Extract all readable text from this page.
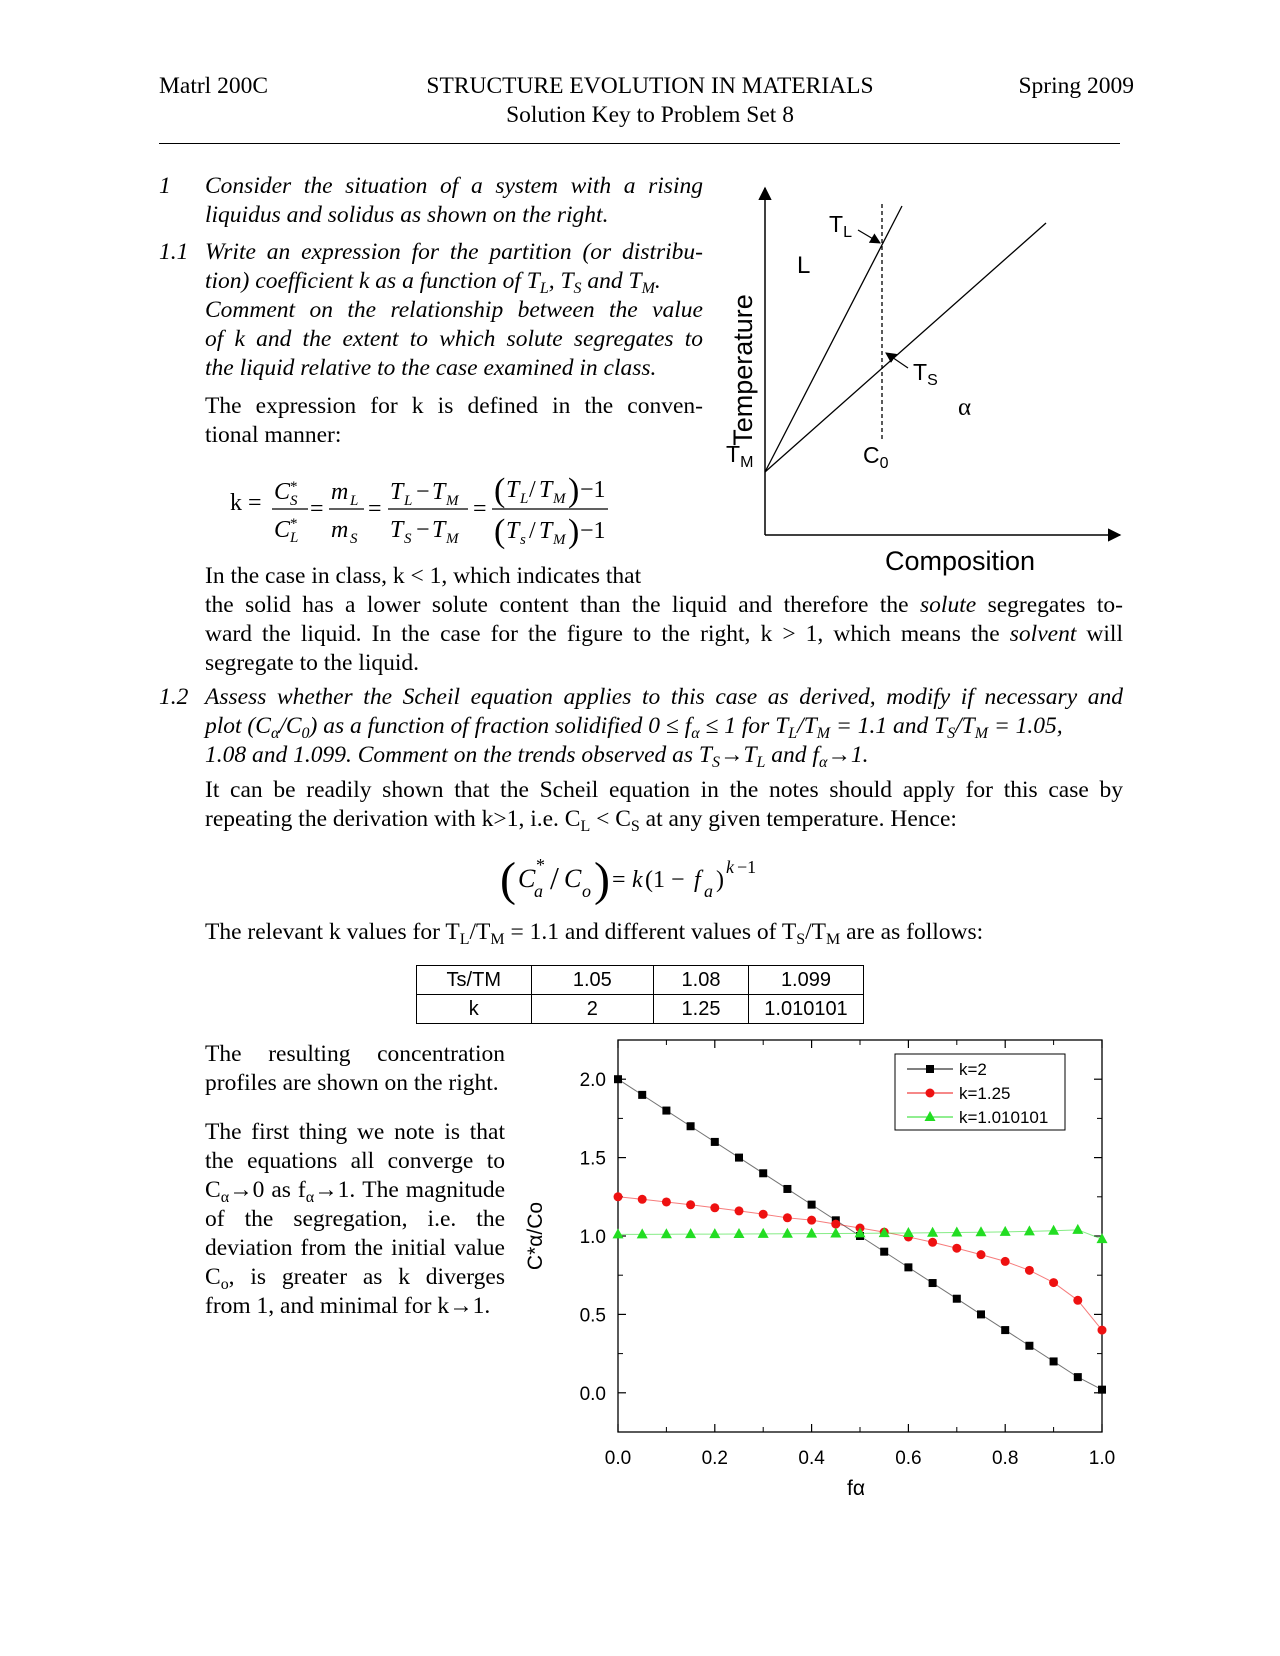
Matrl 200C	STRUCTURE EVOLUTION IN MATERIALS
Solution Key to Problem Set 8
Spring 2009
1 Consider the situation of a system with a rising liquidus and solidus as shown on the right.
1.1 Write an expression for the partition (or distribu-
tion) coefficient k as a function of $T_L$, $T_S$ and $T_M$.
Comment on the relationship between the value
of k and the extent to which solute segregates to
the liquid relative to the case examined in class.
The expression for k is defined in the conven-
tional manner:
k = C *
S
C *
L
=
m L
m S
=
T L − T M
T S − T M
= ( T L / T M ) −1
( T s / T M ) −1
Temperature
Composition
L
α
$T_L$
$T_S$
$T_M$	$C_0$
In the case in class, k < 1, which indicates that
the solid has a lower solute content than the liquid and therefore the solute segregates to-
ward the liquid. In the case for the figure to the right, k > 1, which means the solvent will
segregate to the liquid.
1.2 Assess whether the Scheil equation applies to this case as derived, modify if necessary and
plot $(C_\alpha/C_0)$ as a function of fraction solidified $0 \le f_\alpha \le 1$ for $T_L/T_M = 1.1$ and $T_S/T_M = 1.05$,
1.08 and 1.099. Comment on the trends observed as $T_S\to T_L$ and $f_\alpha\to 1$.
It can be readily shown that the Scheil equation in the notes should apply for this case by
repeating the derivation with k>1, i.e. $C_L < C_S$ at any given temperature. Hence:
( C *
a / C o ) = k (1 − f a ) k −1
The relevant k values for $T_L/T_M = 1.1$ and different values of $T_S/T_M$ are as follows:
Ts/TM	1.05	1.08	1.099
k	2	1.25	1.010101

The resulting concentration profiles are shown on the right.

The first thing we note is that the equations all converge to $C_\alpha\to 0$ as $f_\alpha\to 1$. The magnitude of the segregation, i.e. the deviation from the initial value $C_o$, is greater as k diverges from 1, and minimal for k→1.

0.0	0.2	0.4	0.6	0.8	1.0
0.0
0.5
1.0
1.5
2.0
k=2
k=1.25
k=1.010101
fα
C*α/Co
